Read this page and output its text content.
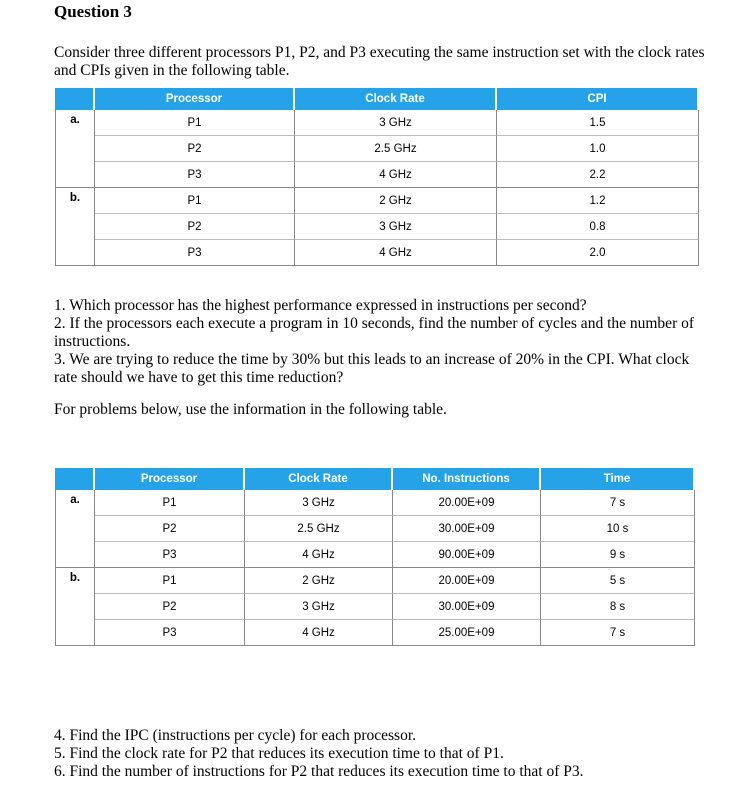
Question 3
Consider three different processors P1, P2, and P3 executing the same instruction set with the clock rates and CPIs given in the following table.
	Processor	Clock Rate	CPI
a.	P1	3 GHz	1.5
	P2	2.5 GHz	1.0
	P3	4 GHz	2.2
b.	P1	2 GHz	1.2
	P2	3 GHz	0.8
	P3	4 GHz	2.0
1. Which processor has the highest performance expressed in instructions per second?
2. If the processors each execute a program in 10 seconds, find the number of cycles and the number of instructions.
3. We are trying to reduce the time by 30% but this leads to an increase of 20% in the CPI. What clock rate should we have to get this time reduction?
For problems below, use the information in the following table.
	Processor	Clock Rate	No. Instructions	Time
a.	P1	3 GHz	20.00E+09	7 s
	P2	2.5 GHz	30.00E+09	10 s
	P3	4 GHz	90.00E+09	9 s
b.	P1	2 GHz	20.00E+09	5 s
	P2	3 GHz	30.00E+09	8 s
	P3	4 GHz	25.00E+09	7 s
4. Find the IPC (instructions per cycle) for each processor.
5. Find the clock rate for P2 that reduces its execution time to that of P1.
6. Find the number of instructions for P2 that reduces its execution time to that of P3.
